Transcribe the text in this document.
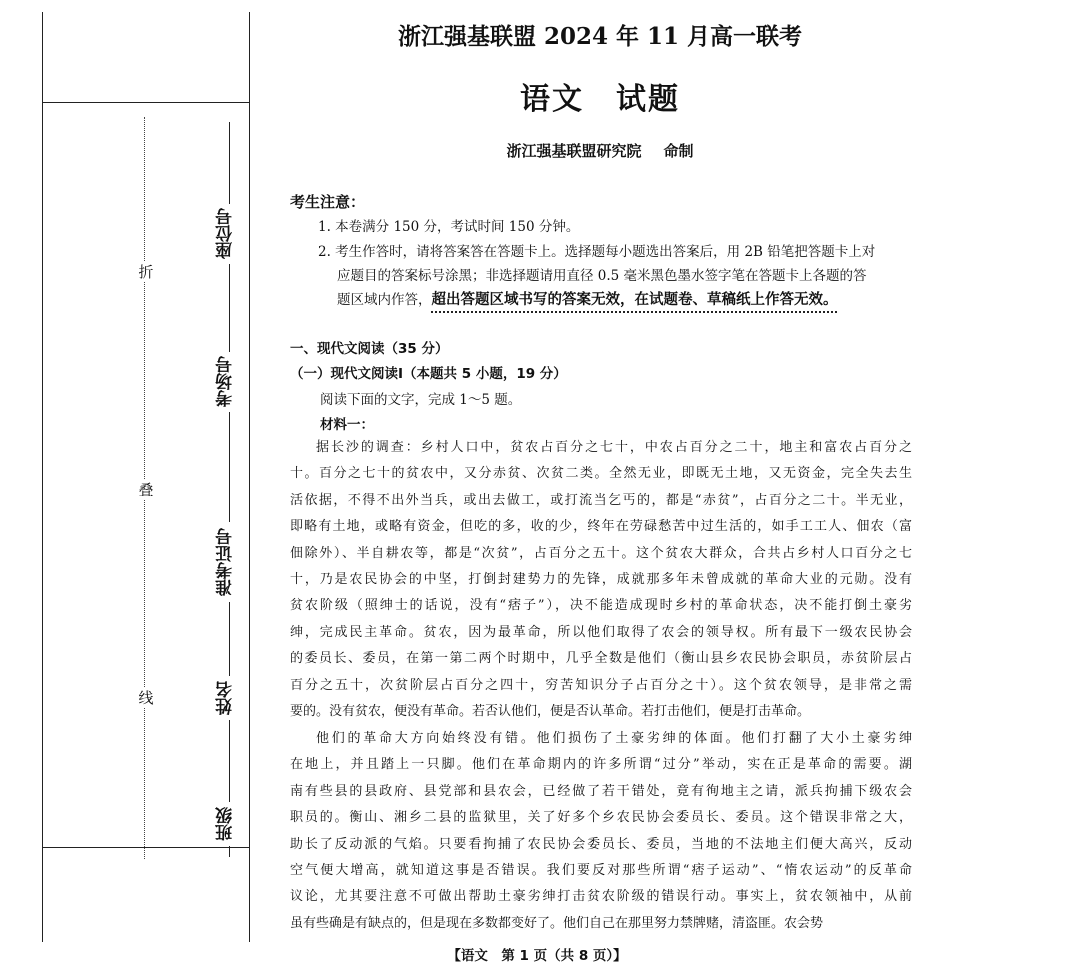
折
叠
线
座位号
考场号
准考证号
姓名
班级
浙江强基联盟 2024 年 11 月高一联考
语文 试题
浙江强基联盟研究院 命制
考生注意：
1. 本卷满分 150 分，考试时间 150 分钟。
2. 考生作答时，请将答案答在答题卡上。选择题每小题选出答案后，用 2B 铅笔把答题卡上对
应题目的答案标号涂黑；非选择题请用直径 0.5 毫米黑色墨水签字笔在答题卡上各题的答
题区域内作答，超出答题区域书写的答案无效，在试题卷、草稿纸上作答无效。
一、现代文阅读（35 分）
（一）现代文阅读Ⅰ（本题共 5 小题，19 分）
阅读下面的文字，完成 1～5 题。
材料一：
据长沙的调查：乡村人口中，贫农占百分之七十，中农占百分之二十，地主和富农占百分之
十。百分之七十的贫农中，又分赤贫、次贫二类。全然无业，即既无土地，又无资金，完全失去生
活依据，不得不出外当兵，或出去做工，或打流当乞丐的，都是“赤贫”，占百分之二十。半无业，
即略有土地，或略有资金，但吃的多，收的少，终年在劳碌愁苦中过生活的，如手工工人、佃农（富
佃除外）、半自耕农等，都是“次贫”，占百分之五十。这个贫农大群众，合共占乡村人口百分之七
十，乃是农民协会的中坚，打倒封建势力的先锋，成就那多年未曾成就的革命大业的元勋。没有
贫农阶级（照绅士的话说，没有“痞子”），决不能造成现时乡村的革命状态，决不能打倒土豪劣
绅，完成民主革命。贫农，因为最革命，所以他们取得了农会的领导权。所有最下一级农民协会
的委员长、委员，在第一第二两个时期中，几乎全数是他们（衡山县乡农民协会职员，赤贫阶层占
百分之五十，次贫阶层占百分之四十，穷苦知识分子占百分之十）。这个贫农领导，是非常之需
要的。没有贫农，便没有革命。若否认他们，便是否认革命。若打击他们，便是打击革命。
他们的革命大方向始终没有错。他们损伤了土豪劣绅的体面。他们打翻了大小土豪劣绅
在地上，并且踏上一只脚。他们在革命期内的许多所谓“过分”举动，实在正是革命的需要。湖
南有些县的县政府、县党部和县农会，已经做了若干错处，竟有徇地主之请，派兵拘捕下级农会
职员的。衡山、湘乡二县的监狱里，关了好多个乡农民协会委员长、委员。这个错误非常之大，
助长了反动派的气焰。只要看拘捕了农民协会委员长、委员，当地的不法地主们便大高兴，反动
空气便大增高，就知道这事是否错误。我们要反对那些所谓“痞子运动”、“惰农运动”的反革命
议论，尤其要注意不可做出帮助土豪劣绅打击贫农阶级的错误行动。事实上，贫农领袖中，从前
虽有些确是有缺点的，但是现在多数都变好了。他们自己在那里努力禁牌赌，清盗匪。农会势
【语文　第 1 页（共 8 页）】
